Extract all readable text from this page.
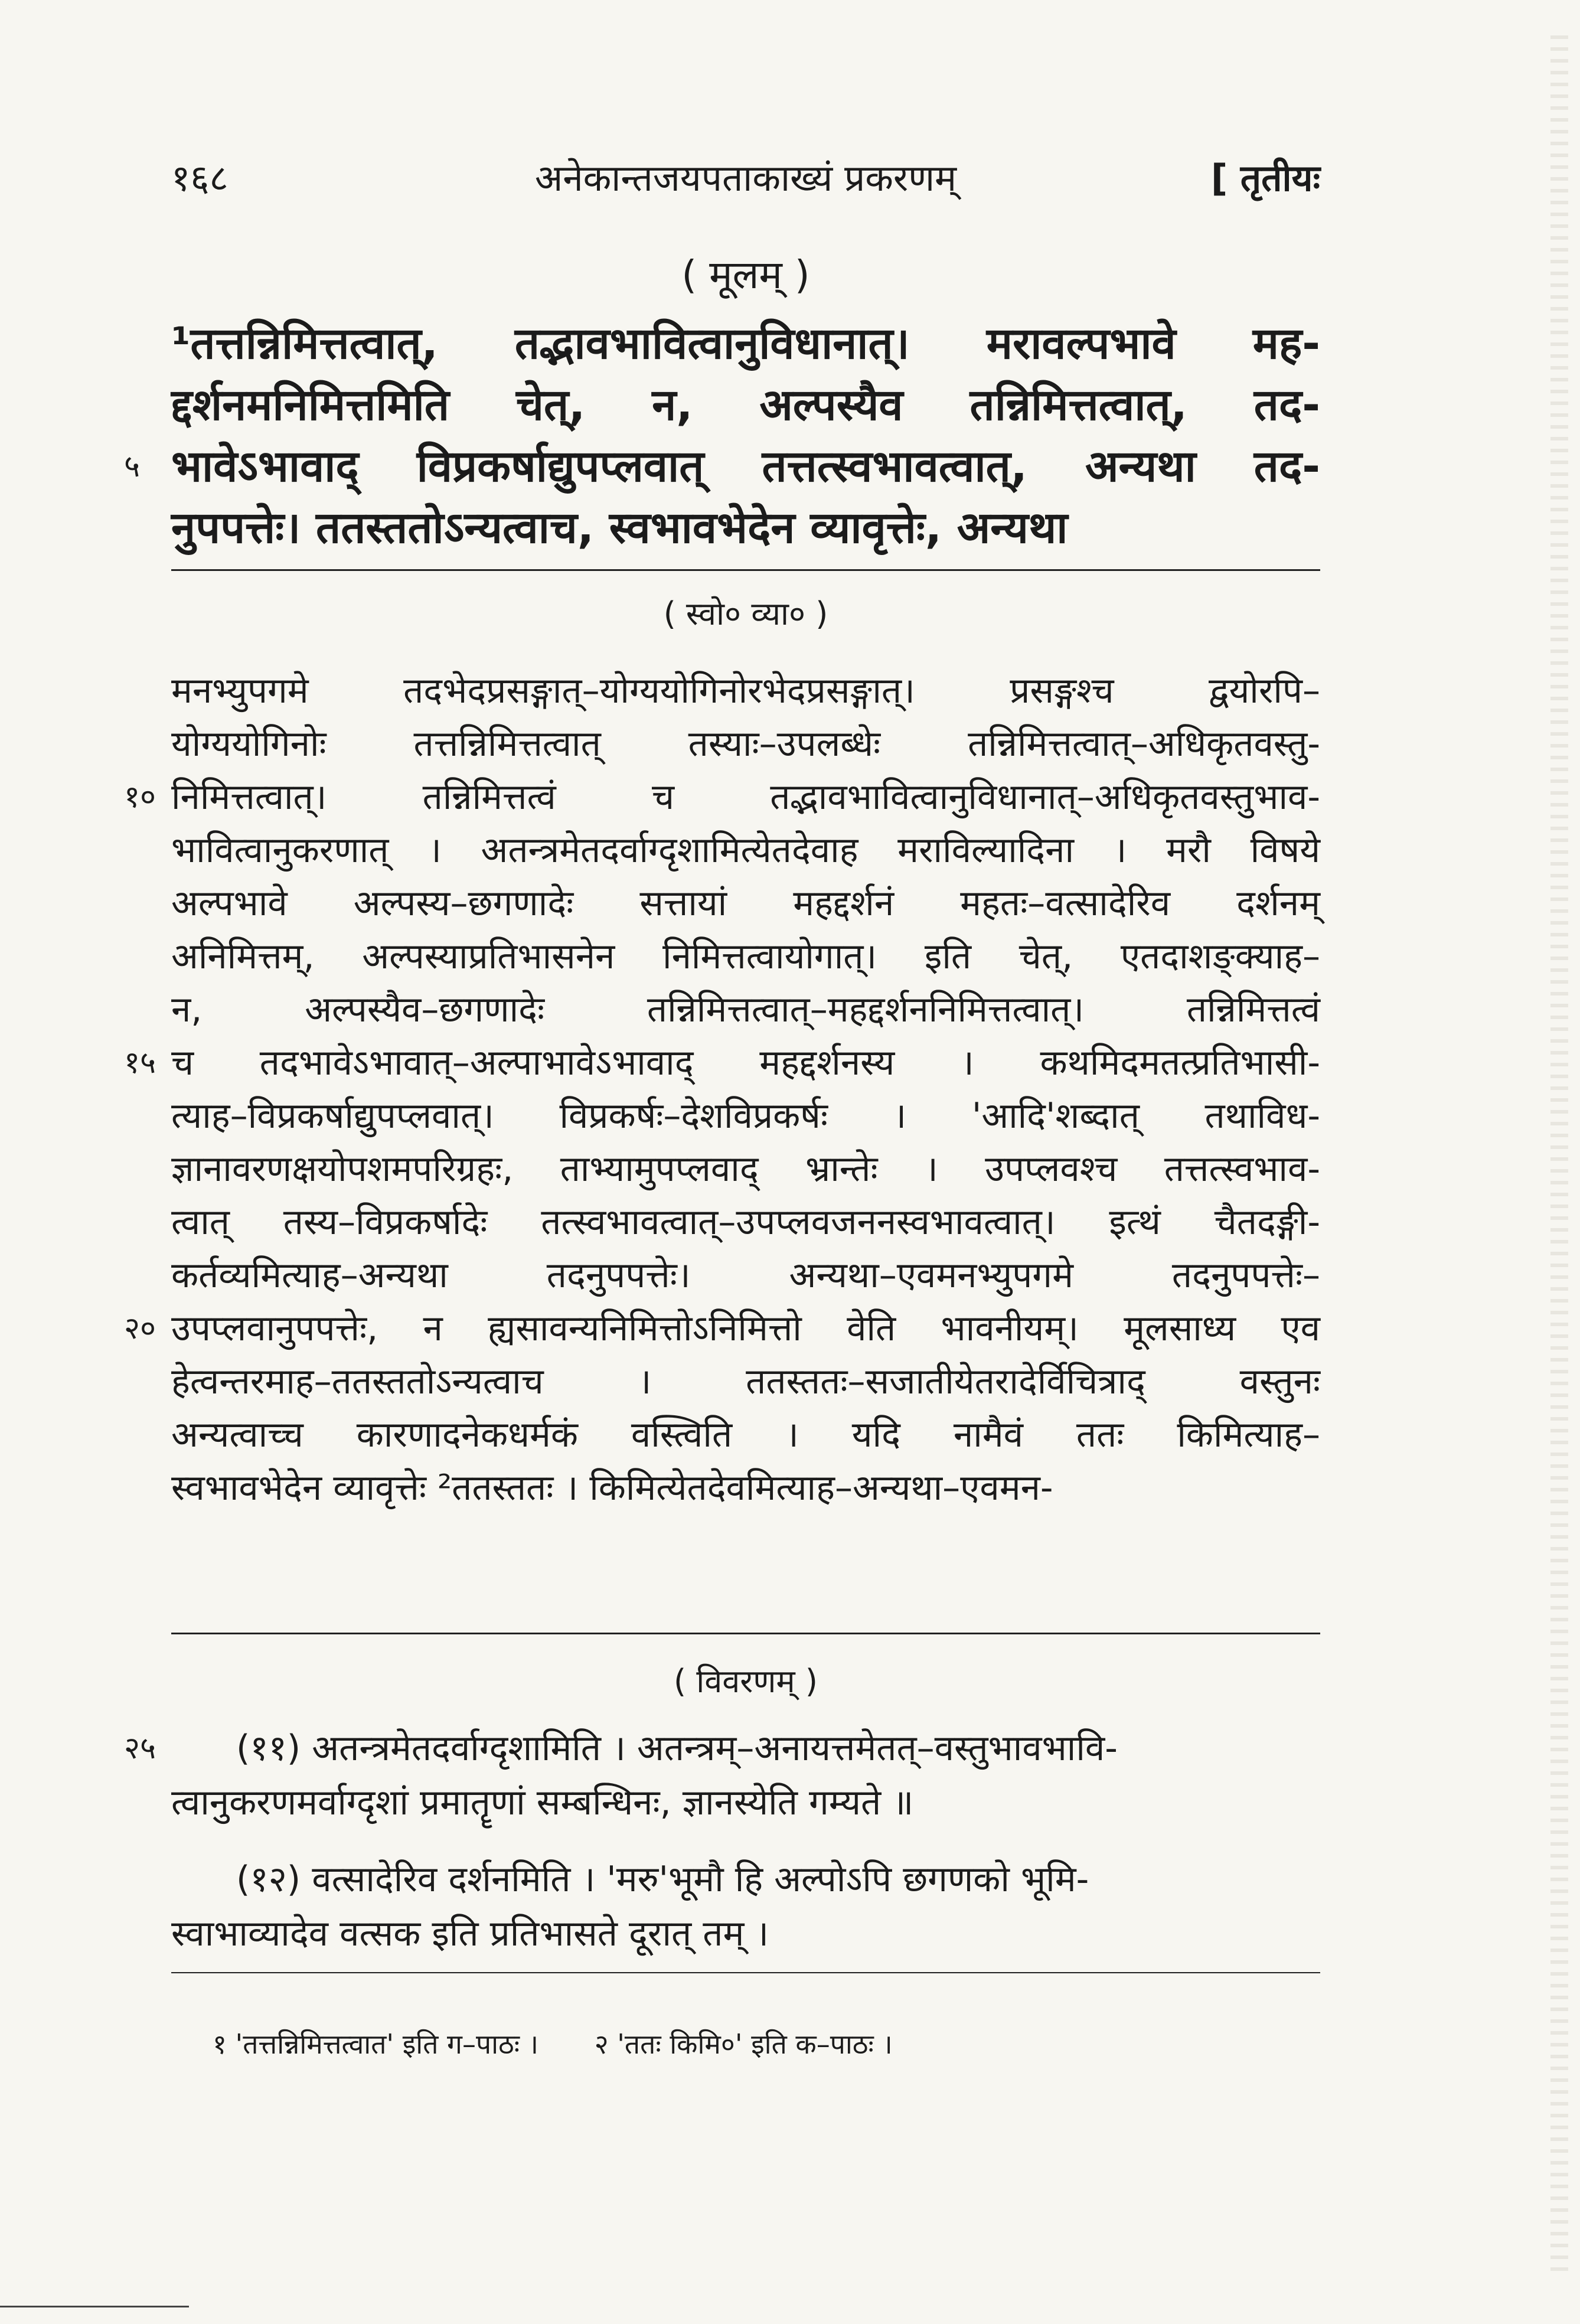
१६८	अनेकान्तजयपताकाख्यं प्रकरणम्	[ तृतीयः
( मूलम् )
¹तत्तन्निमित्तत्वात्, तद्भावभावित्वानुविधानात्। मरावल्पभावे मह-
द्दर्शनमनिमित्तमिति चेत्, न, अल्पस्यैव तन्निमित्तत्वात्, तद-
५ भावेऽभावाद् विप्रकर्षाद्युपप्लवात् तत्तत्स्वभावत्वात्, अन्यथा तद-
नुपपत्तेः। ततस्ततोऽन्यत्वाच, स्वभावभेदेन व्यावृत्तेः, अन्यथा
( स्वो० व्या० )
मनभ्युपगमे तदभेदप्रसङ्गात्–योग्ययोगिनोरभेदप्रसङ्गात्। प्रसङ्गश्च द्वयोरपि–
योग्ययोगिनोः तत्तन्निमित्तत्वात् तस्याः–उपलब्धेः तन्निमित्तत्वात्–अधिकृतवस्तु-
१० निमित्तत्वात्। तन्निमित्तत्वं च तद्भावभावित्वानुविधानात्–अधिकृतवस्तुभाव-
भावित्वानुकरणात् । अतन्त्रमेतदर्वाग्दृशामित्येतदेवाह मराविल्यादिना । मरौ विषये
अल्पभावे अल्पस्य–छगणादेः सत्तायां महद्दर्शनं महतः–वत्सादेरिव दर्शनम्
अनिमित्तम्, अल्पस्याप्रतिभासनेन निमित्तत्वायोगात्। इति चेत्, एतदाशङ्क्याह–
न, अल्पस्यैव–छगणादेः तन्निमित्तत्वात्–महद्दर्शननिमित्तत्वात्। तन्निमित्तत्वं
१५ च तदभावेऽभावात्–अल्पाभावेऽभावाद् महद्दर्शनस्य । कथमिदमतत्प्रतिभासी-
त्याह–विप्रकर्षाद्युपप्लवात्। विप्रकर्षः–देशविप्रकर्षः । 'आदि'शब्दात् तथाविध-
ज्ञानावरणक्षयोपशमपरिग्रहः, ताभ्यामुपप्लवाद् भ्रान्तेः । उपप्लवश्च तत्तत्स्वभाव-
त्वात् तस्य–विप्रकर्षादेः तत्स्वभावत्वात्–उपप्लवजननस्वभावत्वात्। इत्थं चैतदङ्गी-
कर्तव्यमित्याह–अन्यथा तदनुपपत्तेः। अन्यथा–एवमनभ्युपगमे तदनुपपत्तेः–
२० उपप्लवानुपपत्तेः, न ह्यसावन्यनिमित्तोऽनिमित्तो वेति भावनीयम्। मूलसाध्य एव
हेत्वन्तरमाह–ततस्ततोऽन्यत्वाच । ततस्ततः–सजातीयेतरादेर्विचित्राद् वस्तुनः
अन्यत्वाच्च कारणादनेकधर्मकं वस्त्विति । यदि नामैवं ततः किमित्याह–
स्वभावभेदेन व्यावृत्तेः ²ततस्ततः । किमित्येतदेवमित्याह–अन्यथा–एवमन-
( विवरणम् )
२५ (११) अतन्त्रमेतदर्वाग्दृशामिति । अतन्त्रम्–अनायत्तमेतत्–वस्तुभावभावि-
त्वानुकरणमर्वाग्दृशां प्रमातॄणां सम्बन्धिनः, ज्ञानस्येति गम्यते ॥
(१२) वत्सादेरिव दर्शनमिति । 'मरु'भूमौ हि अल्पोऽपि छगणको भूमि-
स्वाभाव्यादेव वत्सक इति प्रतिभासते दूरात् तम् ।
१ 'तत्तन्निमित्तत्वात' इति ग–पाठः । २ 'ततः किमि०' इति क–पाठः ।
